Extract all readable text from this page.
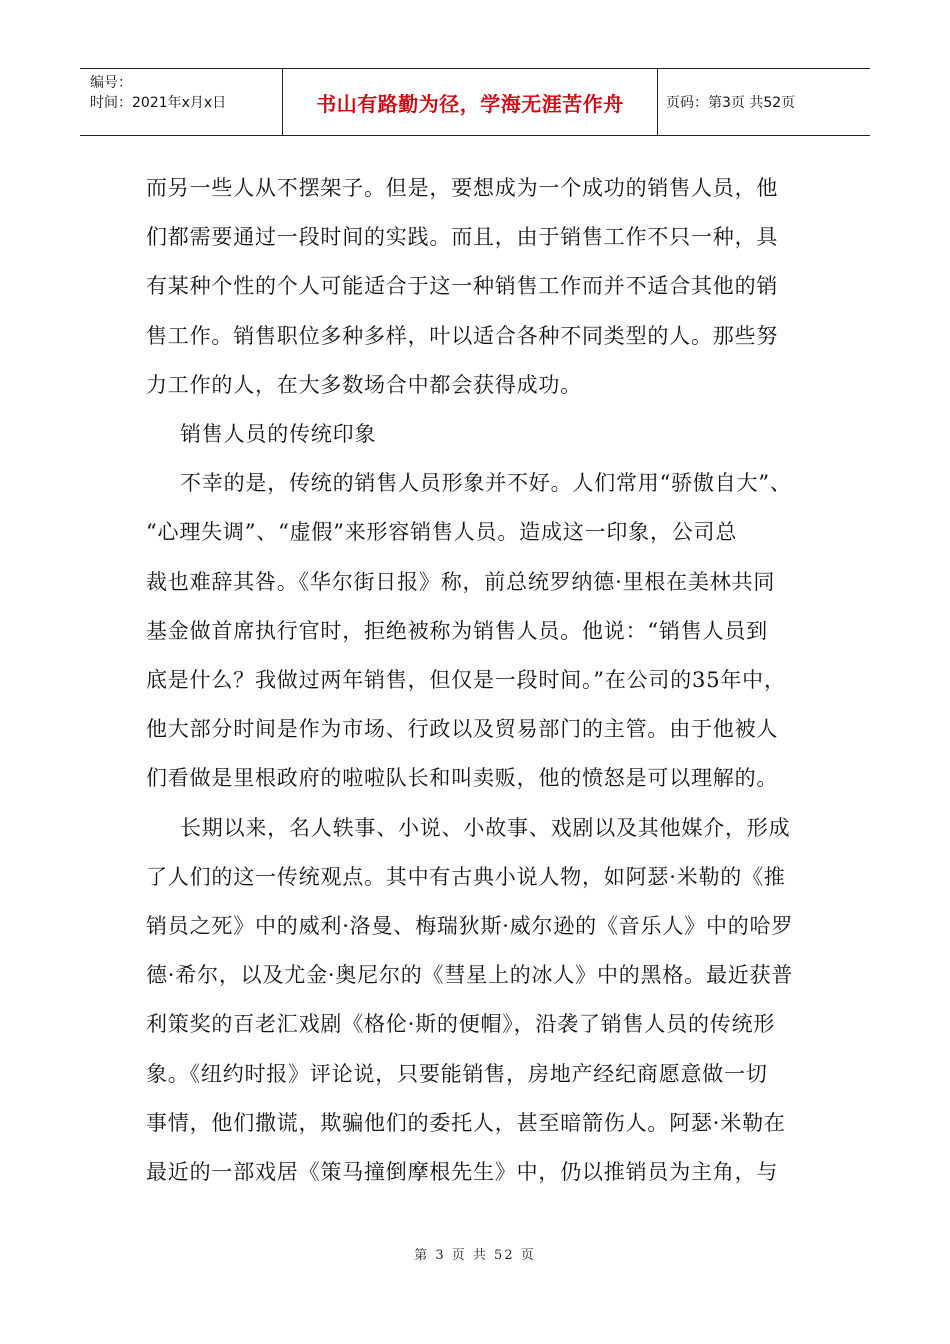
编号：
时间：2021年x月x日	书山有路勤为径，学海无涯苦作舟	页码：第3页 共52页
而另一些人从不摆架子。但是，要想成为一个成功的销售人员，他
们都需要通过一段时间的实践。而且，由于销售工作不只一种，具
有某种个性的个人可能适合于这一种销售工作而并不适合其他的销
售工作。销售职位多种多样，叶以适合各种不同类型的人。那些努
力工作的人，在大多数场合中都会获得成功。
销售人员的传统印象
不幸的是，传统的销售人员形象并不好。人们常用“骄傲自大”、
“心理失调”、“虚假”来形容销售人员。造成这一印象，公司总
裁也难辞其咎。《华尔街日报》称，前总统罗纳德·里根在美林共同
基金做首席执行官时，拒绝被称为销售人员。他说：“销售人员到
底是什么？我做过两年销售，但仅是一段时间。”在公司的35年中，
他大部分时间是作为市场、行政以及贸易部门的主管。由于他被人
们看做是里根政府的啦啦队长和叫卖贩，他的愤怒是可以理解的。
长期以来，名人轶事、小说、小故事、戏剧以及其他媒介，形成
了人们的这一传统观点。其中有古典小说人物，如阿瑟·米勒的《推
销员之死》中的威利·洛曼、梅瑞狄斯·威尔逊的《音乐人》中的哈罗
德·希尔，以及尤金·奥尼尔的《彗星上的冰人》中的黑格。最近获普
利策奖的百老汇戏剧《格伦·斯的便帽》，沿袭了销售人员的传统形
象。《纽约时报》评论说，只要能销售，房地产经纪商愿意做一切
事情，他们撒谎，欺骗他们的委托人，甚至暗箭伤人。阿瑟·米勒在
最近的一部戏居《策马撞倒摩根先生》中，仍以推销员为主角，与
第 3 页 共 52 页
